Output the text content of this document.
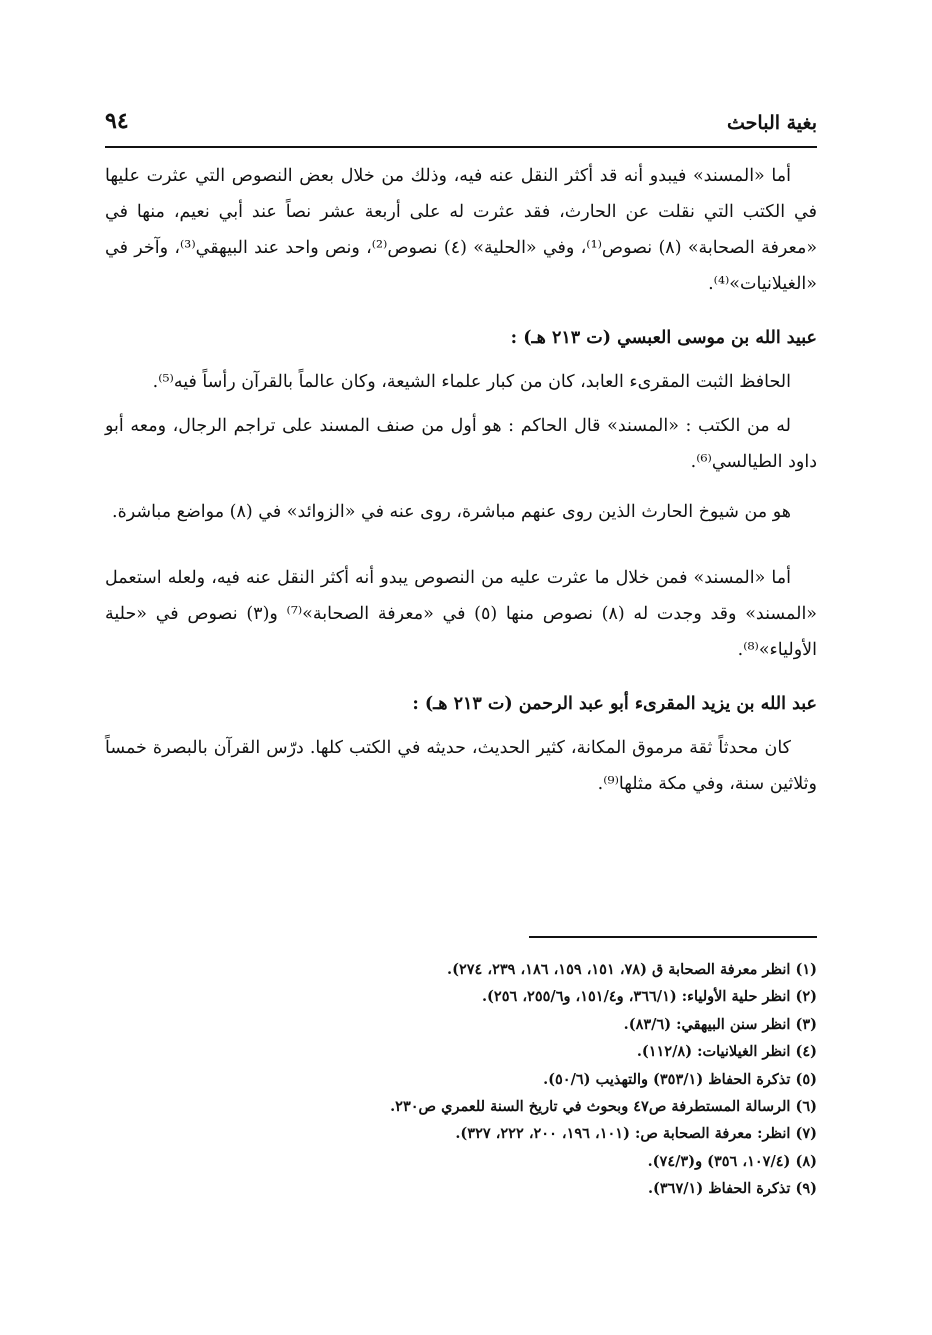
بغية الباحث
٩٤

أما «المسند» فيبدو أنه قد أكثر النقل عنه فيه، وذلك من خلال بعض النصوص التي عثرت عليها في الكتب التي نقلت عن الحارث، فقد عثرت له على أربعة عشر نصاً عند أبي نعيم، منها في «معرفة الصحابة» (٨) نصوص⁽¹⁾، وفي «الحلية» (٤) نصوص⁽²⁾، ونص واحد عند البيهقي⁽³⁾، وآخر في «الغيلانيات»⁽⁴⁾.

عبيد الله بن موسى العبسي (ت ٢١٣ هـ) :

الحافظ الثبت المقرىء العابد، كان من كبار علماء الشيعة، وكان عالماً بالقرآن رأساً فيه⁽⁵⁾.

له من الكتب : «المسند» قال الحاكم : هو أول من صنف المسند على تراجم الرجال، ومعه أبو داود الطيالسي⁽⁶⁾.

هو من شيوخ الحارث الذين روى عنهم مباشرة، روى عنه في «الزوائد» في (٨) مواضع مباشرة.

أما «المسند» فمن خلال ما عثرت عليه من النصوص يبدو أنه أكثر النقل عنه فيه، ولعله استعمل «المسند» وقد وجدت له (٨) نصوص منها (٥) في «معرفة الصحابة»⁽⁷⁾ و(٣) نصوص في «حلية الأولياء»⁽⁸⁾.

عبد الله بن يزيد المقرىء أبو عبد الرحمن (ت ٢١٣ هـ) :

كان محدثاً ثقة مرموق المكانة، كثير الحديث، حديثه في الكتب كلها. درّس القرآن بالبصرة خمساً وثلاثين سنة، وفي مكة مثلها⁽⁹⁾.

(١) انظر معرفة الصحابة ق (٧٨، ١٥١، ١٥٩، ١٨٦، ٢٣٩، ٢٧٤).
(٢) انظر حلية الأولياء: (٣٦٦/١، و١٥١/٤، و٢٥٥/٦، ٢٥٦).
(٣) انظر سنن البيهقي: (٨٣/٦).
(٤) انظر الغيلانيات: (١١٢/٨).
(٥) تذكرة الحفاظ (٣٥٣/١) والتهذيب (٥٠/٦).
(٦) الرسالة المستطرفة ص٤٧ وبحوث في تاريخ السنة للعمري ص٢٣٠.
(٧) انظر: معرفة الصحابة ص: (١٠١، ١٩٦، ٢٠٠، ٢٢٢، ٣٢٧).
(٨) (١٠٧/٤، ٣٥٦) و(٧٤/٣).
(٩) تذكرة الحفاظ (٣٦٧/١).
